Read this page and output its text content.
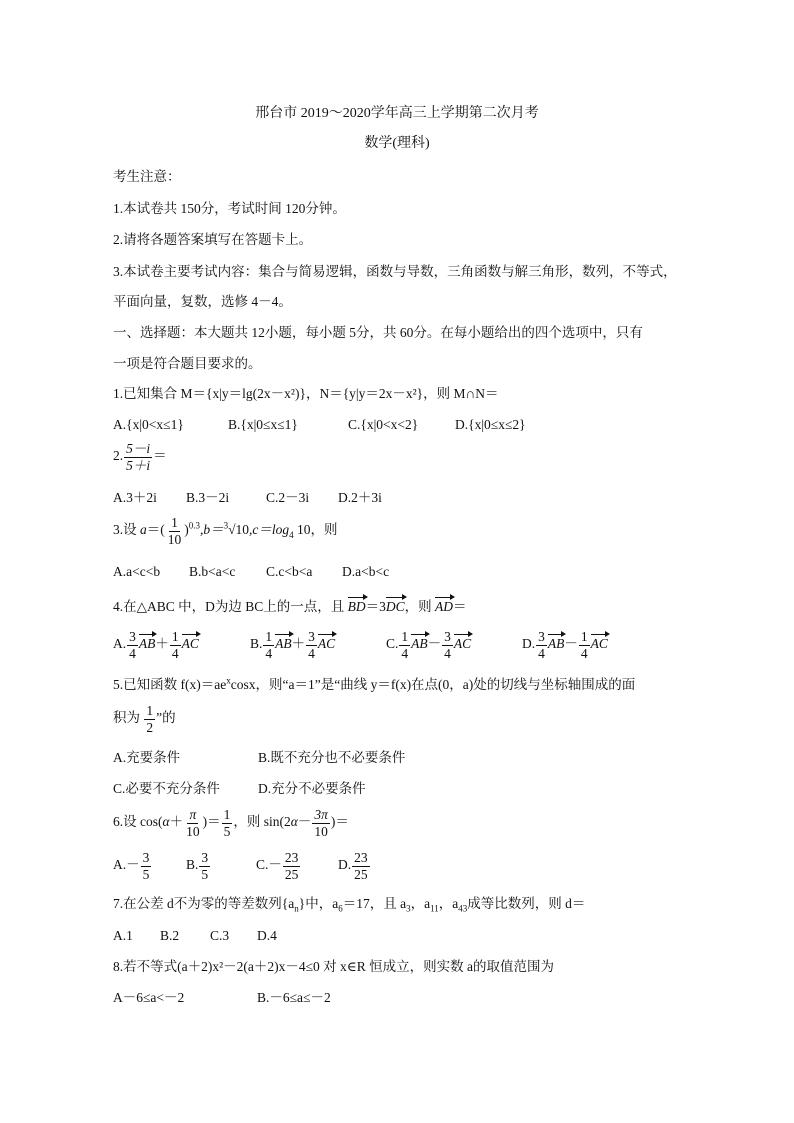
邢台市 2019～2020学年高三上学期第二次月考
数学(理科)
考生注意：
1.本试卷共 150分，考试时间 120分钟。
2.请将各题答案填写在答题卡上。
3.本试卷主要考试内容：集合与简易逻辑，函数与导数，三角函数与解三角形，数列，不等式，
平面向量，复数，选修 4－4。
一、选择题：本大题共 12小题，每小题 5分，共 60分。在每小题给出的四个选项中，只有
一项是符合题目要求的。
1.已知集合 M＝{x|y＝lg(2x－x²)}，N＝{y|y＝2x－x²}，则 M∩N＝
A.{x|0<x≤1}	B.{x|0≤x≤1}	C.{x|0<x<2}	D.{x|0≤x≤2}
2. $\frac{5-i}{5+i}$ ＝
A.3＋2i B.3－2i	C.2－3i D.2＋3i
3.设 $a=( \frac{1}{10} )^{0.3},b=^3√10,c=\log_4$ 10，则
A.a<c<b B.b<a<c C.c<b<a D.a<b<c
4.在△ABC 中，D为边 BC上的一点，且 BD＝3DC，则 AD＝
A. $\frac{3}{4} AB+ \frac{1}{4}$ AC	B. $\frac{1}{4} AB+ \frac{3}{4}$ AC	C. $\frac{1}{4} AB- \frac{3}{4}$ AC	D. $\frac{3}{4} AB- \frac{1}{4}$ AC
5.已知函数 $f(x)=ae^x\cos x$，则“a＝1”是“曲线 y＝f(x)在点(0，a)处的切线与坐标轴围成的面
积为 $\frac{1}{2}$ ”的
A.充要条件	B.既不充分也不必要条件
C.必要不充分条件	D.充分不必要条件
6.设 $\cos(\alpha+ \frac{\pi}{10}$ )＝ $\frac{1}{5}$ ，则 $\sin(2\alpha- \frac{3\pi}{10}$ )＝
$A.- \frac{3}{5}$	B. $\frac{3}{5}$	$C.- \frac{23}{25}$	D. $\frac{23}{25}$
7.在公差 d不为零的等差数列$\{a_n\}$中，$a_6=17$，且 $a_3$，$a_{11}$，$a_{43}$成等比数列，则 d＝
A.1 B.2 C.3 D.4
8.若不等式(a＋2)x²－2(a＋2)x－4≤0 对 x∈R 恒成立，则实数 a的取值范围为
A－6≤a<－2	B.－6≤a≤－2
